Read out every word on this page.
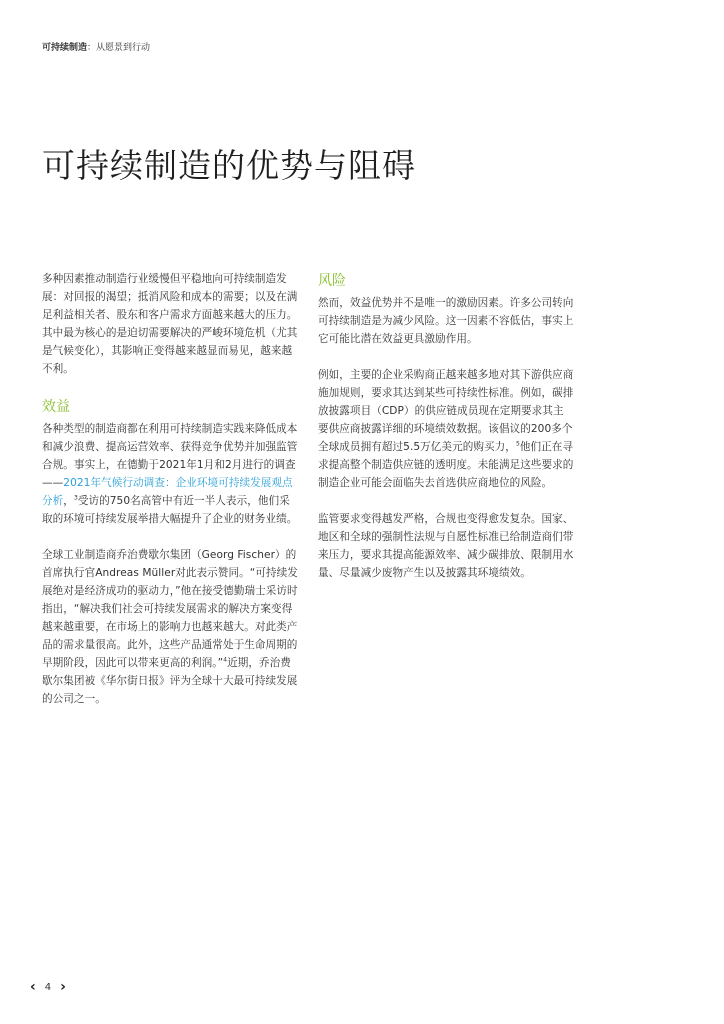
可持续制造：从愿景到行动
可持续制造的优势与阻碍

多种因素推动制造行业缓慢但平稳地向可持续制造发展：对回报的渴望；抵消风险和成本的需要；以及在满足利益相关者、股东和客户需求方面越来越大的压力。其中最为核心的是迫切需要解决的严峻环境危机（尤其是气候变化），其影响正变得越来越显而易见，越来越不利。

效益

各种类型的制造商都在利用可持续制造实践来降低成本和减少浪费、提高运营效率、获得竞争优势并加强监管合规。事实上，在德勤于2021年1月和2月进行的调查——2021年气候行动调查：企业环境可持续发展观点分析，$^3$受访的750名高管中有近一半人表示，他们采取的环境可持续发展举措大幅提升了企业的财务业绩。

全球工业制造商乔治费歇尔集团（Georg Fischer）的首席执行官Andreas Müller对此表示赞同。“可持续发展绝对是经济成功的驱动力，”他在接受德勤瑞士采访时指出，“解决我们社会可持续发展需求的解决方案变得越来越重要，在市场上的影响力也越来越大。对此类产品的需求量很高。此外，这些产品通常处于生命周期的早期阶段，因此可以带来更高的利润。”$^4$近期，乔治费歇尔集团被《华尔街日报》评为全球十大最可持续发展的公司之一。

风险

然而，效益优势并不是唯一的激励因素。许多公司转向可持续制造是为减少风险。这一因素不容低估，事实上它可能比潜在效益更具激励作用。

例如，主要的企业采购商正越来越多地对其下游供应商施加规则，要求其达到某些可持续性标准。例如，碳排放披露项目（CDP）的供应链成员现在定期要求其主要供应商披露详细的环境绩效数据。该倡议的200多个全球成员拥有超过5.5万亿美元的购买力，$^5$他们正在寻求提高整个制造供应链的透明度。未能满足这些要求的制造企业可能会面临失去首选供应商地位的风险。

监管要求变得越发严格，合规也变得愈发复杂。国家、地区和全球的强制性法规与自愿性标准已给制造商们带来压力，要求其提高能源效率、减少碳排放、限制用水量、尽量减少废物产生以及披露其环境绩效。

‹ 4 ›
